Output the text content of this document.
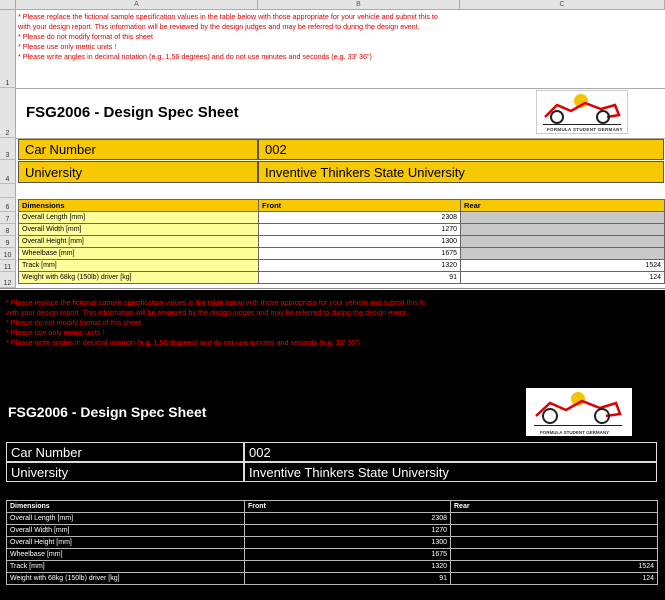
A	B	C
1
2
3
4
6
7
8
9
10
11
12
* Please replace the fictional sample specification values in the table below with those appropriate for your vehicle and submit this to
with your design report. This information will be reviewed by the design judges and may be referred to during the design event.
* Please do not modify format of this sheet
* Please use only metric units !
* Please write angles in decimal notation (e.g. 1,56 degrees) and do not use minutes and seconds (e.g. 33' 36")
FSG2006 - Design Spec Sheet
FORMULA STUDENT GERMANY
Car Number	002
University	Inventive Thinkers State University
Dimensions	Front	Rear
Overall Length [mm]	2308	
Overall Width [mm]	1270	
Overall Height [mm]	1300	
Wheelbase [mm]	1675	
Track [mm]	1320	1524
Weight with 68kg (150lb) driver [kg]	91	124
* Please replace the fictional sample specification values in the table below with those appropriate for your vehicle and submit this to
with your design report. This information will be reviewed by the design judges and may be referred to during the design event.
* Please do not modify format of this sheet
* Please use only metric units !
* Please write angles in decimal notation (e.g. 1,56 degrees) and do not use minutes and seconds (e.g. 33' 36")
FSG2006 - Design Spec Sheet
FORMULA STUDENT GERMANY
Car Number	002
University	Inventive Thinkers State University
Dimensions	Front	Rear
Overall Length [mm]	2308	
Overall Width [mm]	1270	
Overall Height [mm]	1300	
Wheelbase [mm]	1675	
Track [mm]	1320	1524
Weight with 68kg (150lb) driver [kg]	91	124
